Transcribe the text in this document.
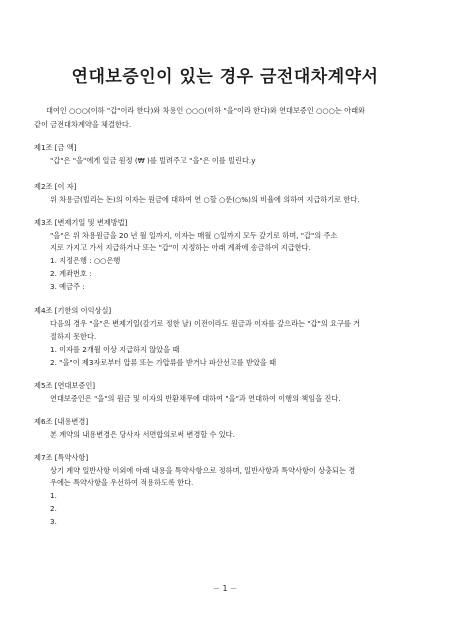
연대보증인이 있는 경우 금전대차계약서
대여인 ○○○(이하 "갑"이라 한다)와 차용인 ○○○(이하 "을"이라 한다)와 연대보증인 ○○○는 아래와
같이 금전대차계약을 체결한다.
제1조 [금 액]
"갑"은 "을"에게 일금 원정 (₩ )를 빌려주고 "을"은 이를 빌린다.y
제2조 [이 자]
위 차용금(빌리는 돈)의 이자는 원금에 대하여 연 ○할 ○푼(○%)의 비율에 의하여 지급하기로 한다.
제3조 [변제기일 및 변제방법]
"을"은 위 차용원금을 20 년 월 일까지, 이자는 매월 ○일까지 모두 갚기로 하며, "갑"의 주소
지로 가지고 가서 지급하거나 또는 "갑"이 지정하는 아래 계좌에 송금하여 지급한다.
1. 지정은행 : ○○은행
2. 계좌번호 :
3. 예금주 :
제4조 [기한의 이익상실]
다음의 경우 "을"은 변제기일(갚기로 정한 날) 이전이라도 원금과 이자를 갚으라는 "갑"의 요구를 거
절하지 못한다.
1. 이자를 2개월 이상 지급하지 않았을 때
2. "을"이 제3자로부터 압류 또는 가압류를 받거나 파산선고를 받았을 때
제5조 [연대보증인]
연대보증인은 "을"의 원금 및 이자의 반환채무에 대하여 "을"과 연대하여 이행의 책임을 진다.
제6조 [내용변경]
본 계약의 내용변경은 당사자 서면합의로써 변경할 수 있다.
제7조 [특약사항]
상기 계약 일반사항 이외에 아래 내용을 특약사항으로 정하며, 일반사항과 특약사항이 상충되는 경
우에는 특약사항을 우선하여 적용하도록 한다.
1.
2.
3.
－ 1 －
